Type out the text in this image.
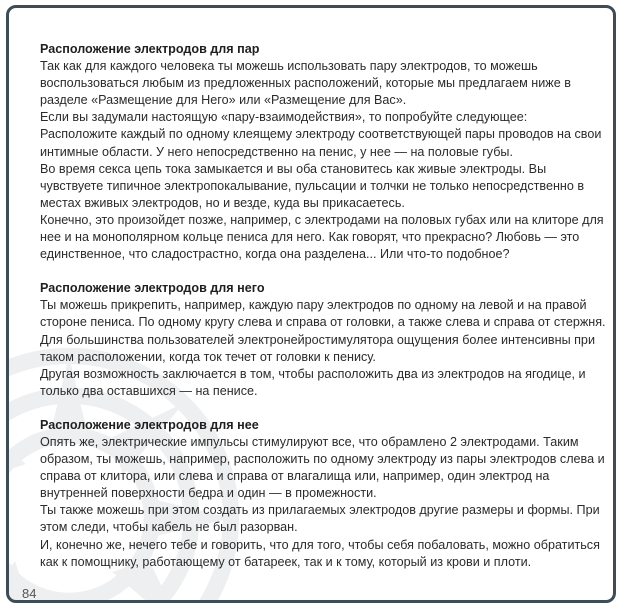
Расположение электродов для пар

Так как для каждого человека ты можешь использовать пару электродов, то можешь воспользоваться любым из предложенных расположений, которые мы предлагаем ниже в разделе «Размещение для Него» или «Размещение для Вас».

Если вы задумали настоящую «пару-взаимодействия», то попробуйте следующее: Расположите каждый по одному клеящему электроду соответствующей пары проводов на свои интимные области. У него непосредственно на пенис, у нее — на половые губы.

Во время секса цепь тока замыкается и вы оба становитесь как живые электроды. Вы чувствуете типичное электропокалывание, пульсации и толчки не только непосредственно в местах вживых электродов, но и везде, куда вы прикасаетесь.

Конечно, это произойдет позже, например, с электродами на половых губах или на клиторе для нее и на монополярном кольце пениса для него. Как говорят, что прекрасно? Любовь — это единственное, что сладострастно, когда она разделена... Или что-то подобное?

Расположение электродов для него

Ты можешь прикрепить, например, каждую пару электродов по одному на левой и на правой стороне пениса. По одному кругу слева и справа от головки, а также слева и справа от стержня. Для большинства пользователей электронейростимулятора ощущения более интенсивны при таком расположении, когда ток течет от головки к пенису.

Другая возможность заключается в том, чтобы расположить два из электродов на ягодице, и только два оставшихся — на пенисе.

Расположение электродов для нее

Опять же, электрические импульсы стимулируют все, что обрамлено 2 электродами. Таким образом, ты можешь, например, расположить по одному электроду из пары электродов слева и справа от клитора, или слева и справа от влагалища или, например, один электрод на внутренней поверхности бедра и один — в промежности.

Ты также можешь при этом создать из прилагаемых электродов другие размеры и формы. При этом следи, чтобы кабель не был разорван.

И, конечно же, нечего тебе и говорить, что для того, чтобы себя побаловать, можно обратиться как к помощнику, работающему от батареек, так и к тому, который из крови и плоти.

84
